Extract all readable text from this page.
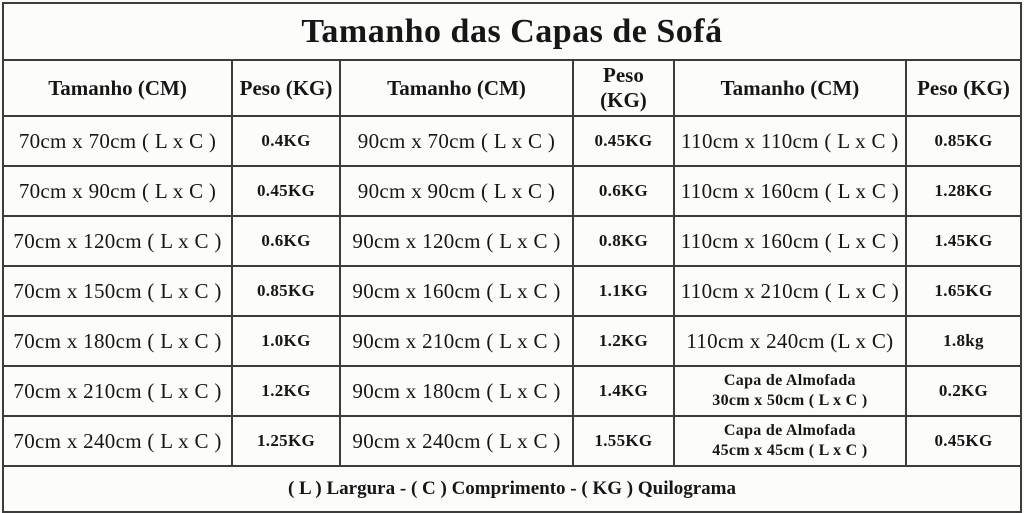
Tamanho das Capas de Sofá					
Tamanho (CM)	Peso (KG)	Tamanho (CM)	Peso (KG)	Tamanho (CM)	Peso (KG)

70cm x 70cm ( L x C )	0.4KG	90cm x 70cm ( L x C )	0.45KG	110cm x 110cm ( L x C )	0.85KG

70cm x 90cm ( L x C )	0.45KG	90cm x 90cm ( L x C )	0.6KG	110cm x 160cm ( L x C )	1.28KG

70cm x 120cm ( L x C )	0.6KG	90cm x 120cm ( L x C )	0.8KG	110cm x 160cm ( L x C )	1.45KG

70cm x 150cm ( L x C )	0.85KG	90cm x 160cm ( L x C )	1.1KG	110cm x 210cm ( L x C )	1.65KG

70cm x 180cm ( L x C )	1.0KG	90cm x 210cm ( L x C )	1.2KG	110cm x 240cm (L x C)	1.8kg

70cm x 210cm ( L x C )	1.2KG	90cm x 180cm ( L x C )	1.4KG	Capa de Almofada
30cm x 50cm ( L x C )	0.2KG

70cm x 240cm ( L x C )	1.25KG	90cm x 240cm ( L x C )	1.55KG	Capa de Almofada
45cm x 45cm ( L x C )	0.45KG

( L ) Largura - ( C ) Comprimento - ( KG ) Quilograma					
